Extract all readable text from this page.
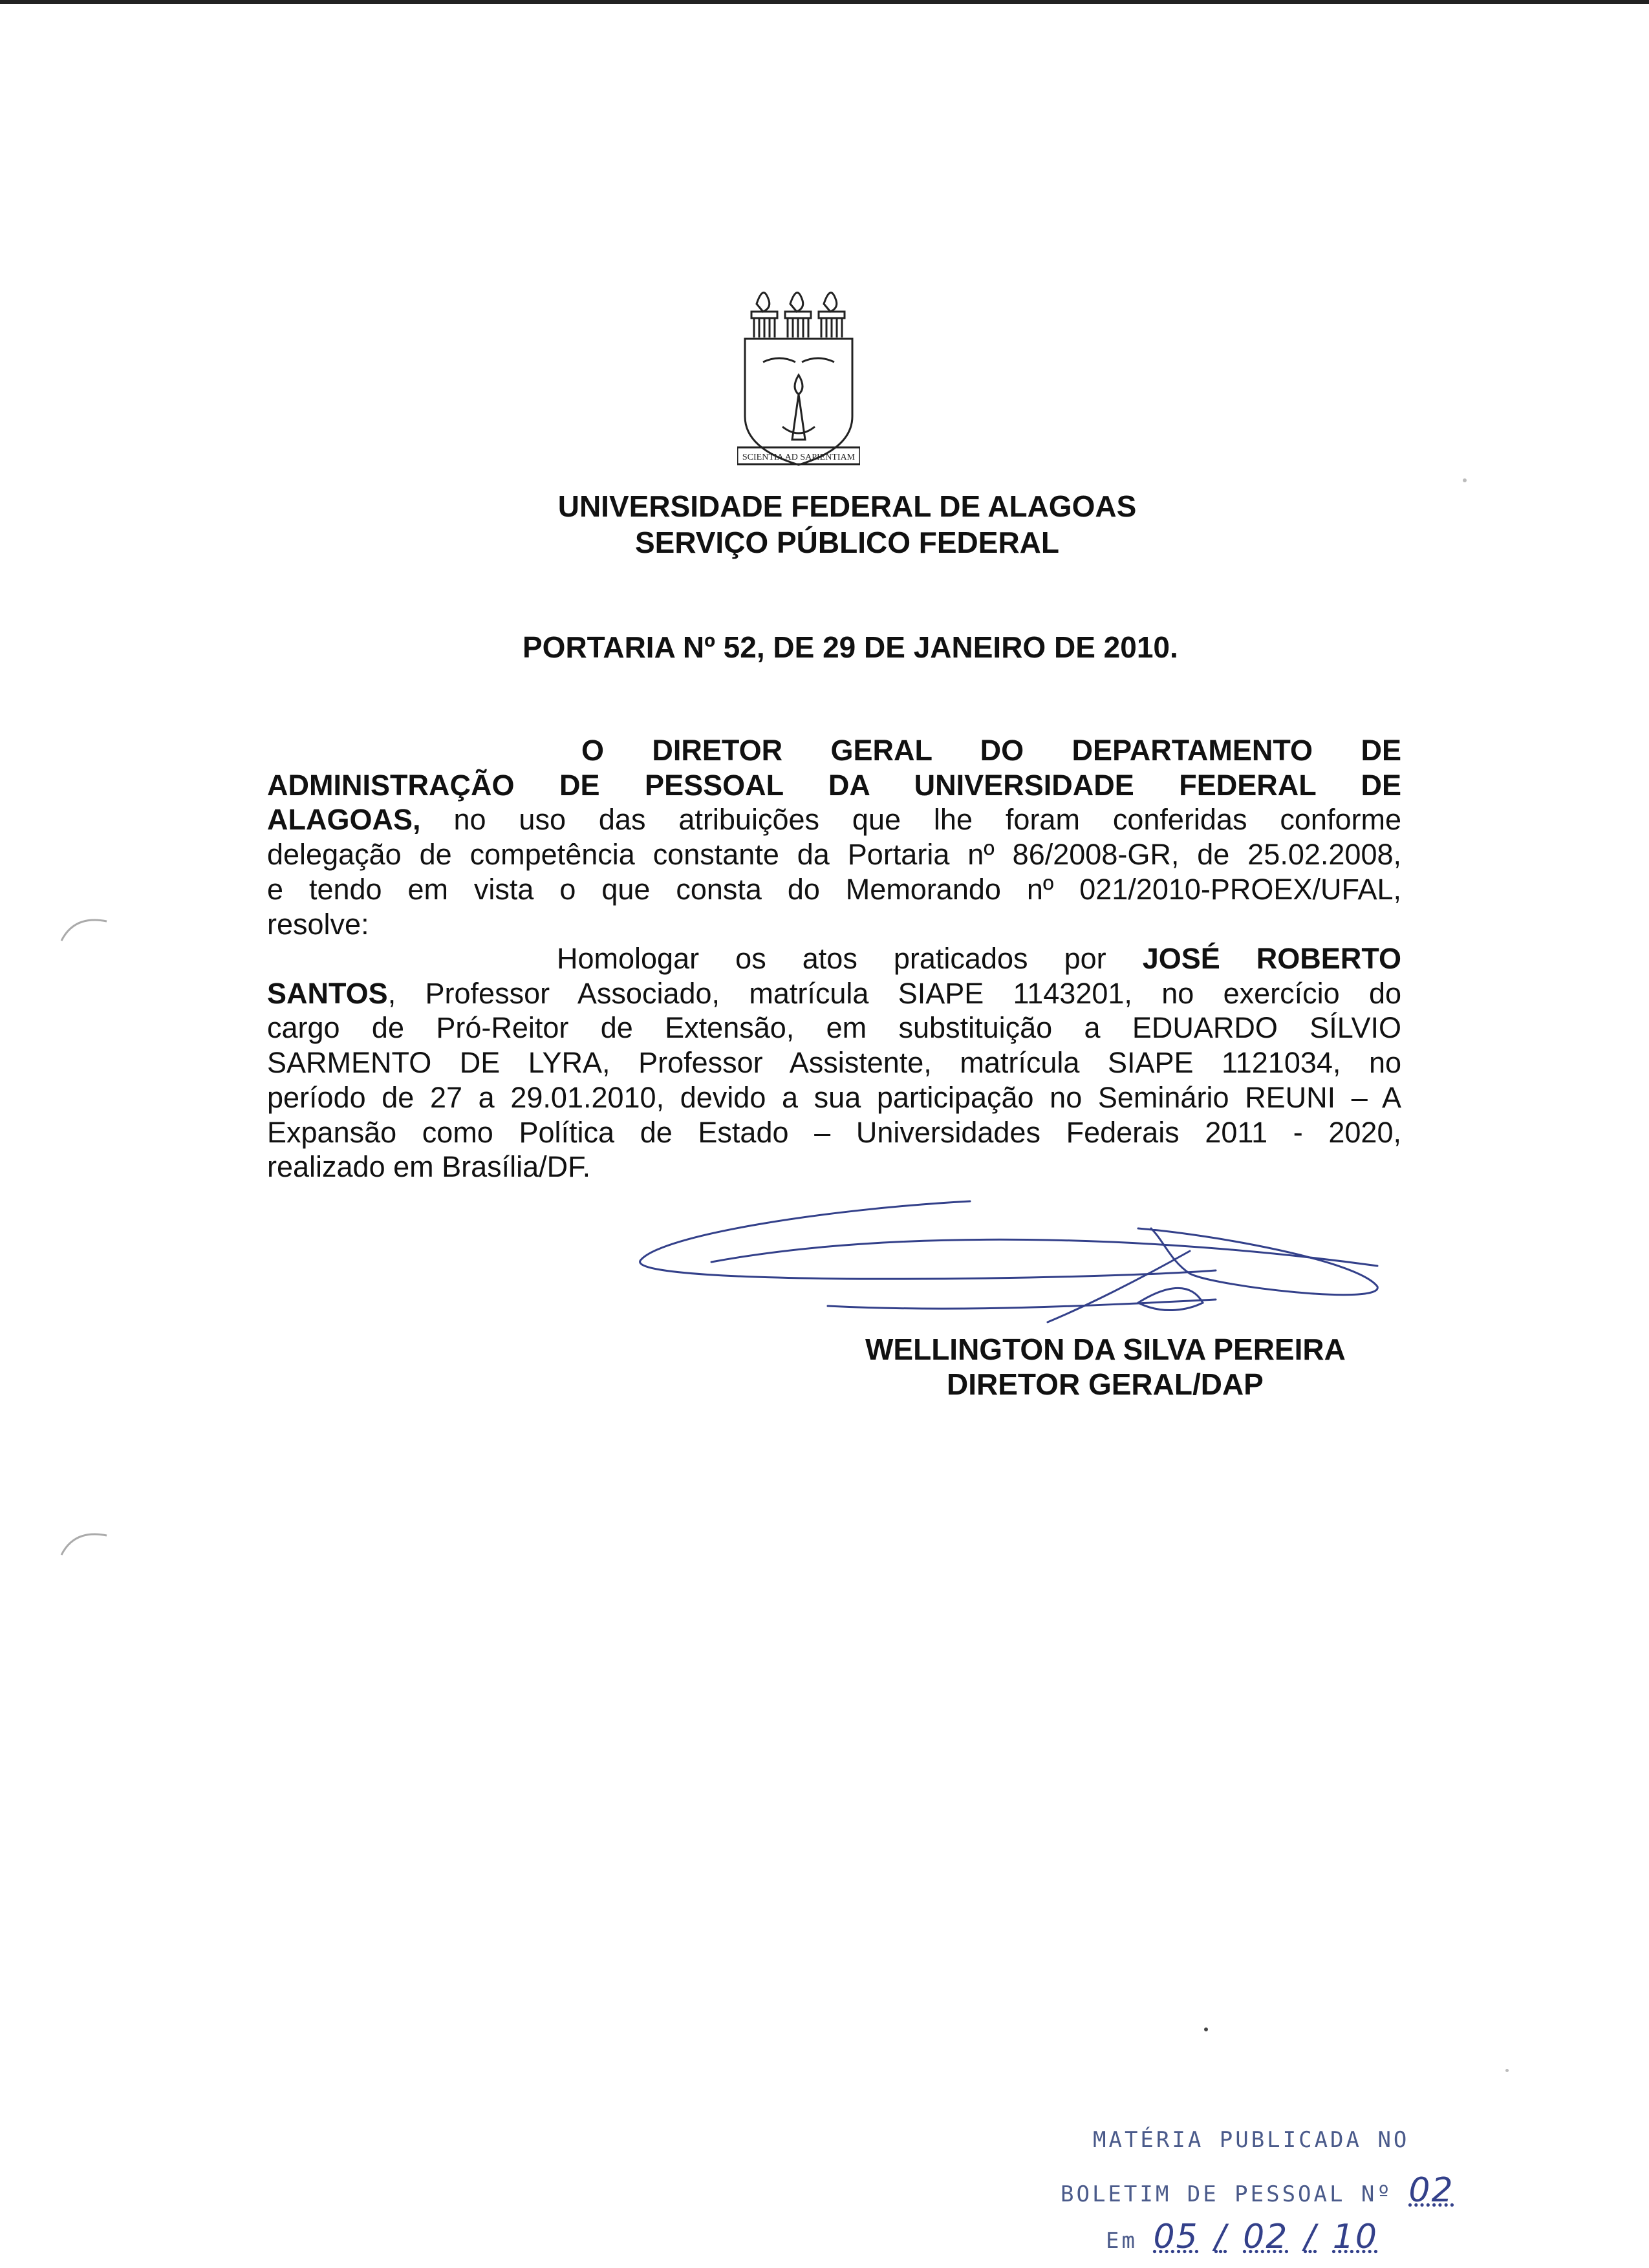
SCIENTIA AD SAPIENTIAM
UNIVERSIDADE FEDERAL DE ALAGOAS
SERVIÇO PÚBLICO FEDERAL
PORTARIA Nº 52, DE 29 DE JANEIRO DE 2010.
O DIRETOR GERAL DO DEPARTAMENTO DE
ADMINISTRAÇÃO DE PESSOAL DA UNIVERSIDADE FEDERAL DE
ALAGOAS, no uso das atribuições que lhe foram conferidas conforme
delegação de competência constante da Portaria nº 86/2008-GR, de 25.02.2008,
e tendo em vista o que consta do Memorando nº 021/2010-PROEX/UFAL,
resolve:
Homologar os atos praticados por JOSÉ ROBERTO
SANTOS, Professor Associado, matrícula SIAPE 1143201, no exercício do
cargo de Pró-Reitor de Extensão, em substituição a EDUARDO SÍLVIO
SARMENTO DE LYRA, Professor Assistente, matrícula SIAPE 1121034, no
período de 27 a 29.01.2010, devido a sua participação no Seminário REUNI – A
Expansão como Política de Estado – Universidades Federais 2011 - 2020,
realizado em Brasília/DF.
WELLINGTON DA SILVA PEREIRA
DIRETOR GERAL/DAP
MATÉRIA PUBLICADA NO
BOLETIM DE PESSOAL Nº 02
Em 05 / 02 / 10
